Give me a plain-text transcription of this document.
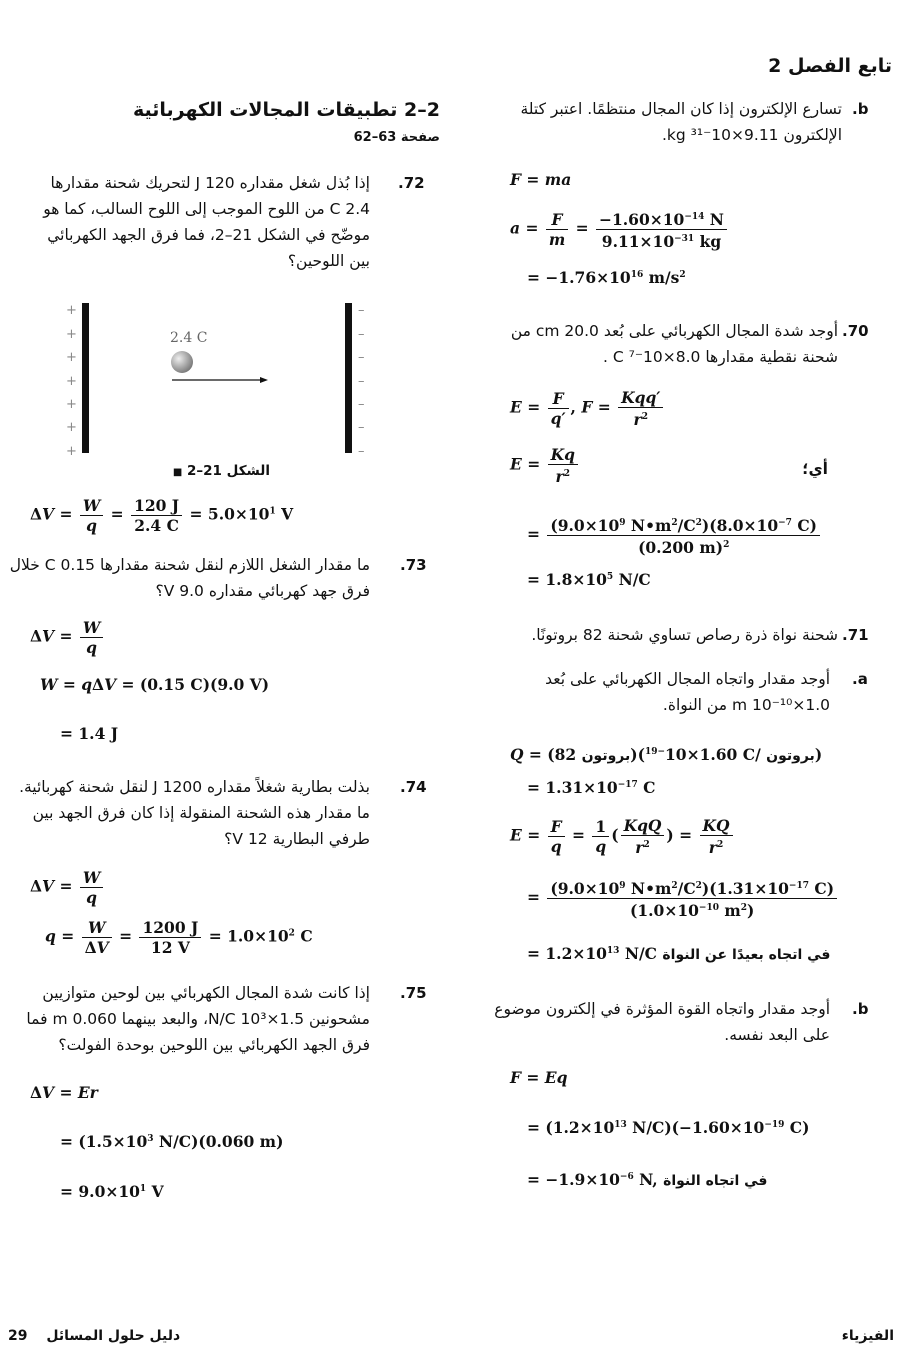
تابع الفصل 2
.b
تسارع الإلكترون إذا كان المجال منتظمًا. اعتبر كتلة
الإلكترون 9.11×10⁻³¹ kg.
F = ma
$a = \frac{F}{m} = \frac{-1.60\times 10^{-14} N}{9.11\times 10^{-31} kg}$
= $-1.76\times 10^{16}$ $m/s^2$
.70
أوجد شدة المجال الكهربائي على بُعد 20.0 cm من
شحنة نقطية مقدارها 8.0×10⁻⁷ C .
$E = \frac{F}{q'}$ , $F = \frac{\text{Kqq′}}{r^2}$
$E = \frac{Kq}{r^2}$	أي؛
= $\frac{(9.0\times 10^9 N•m^2/C^2)(8.0\times 10^{-7} C)}{(0.200 m)^2}$
= $1.8\times 10^5$ N/C
.71
شحنة نواة ذرة رصاص تساوي شحنة 82 بروتونًا.
.a
أوجد مقدار واتجاه المجال الكهربائي على بُعد
1.0×10⁻¹⁰ m من النواة.
Q = (82 $بروتون)(1.60\times 10^{-19}$	C/ بروتون)
= $1.31\times 10^{-17}$ C
$E = \frac{F}{q} = \frac{1}{q}$ ( $\frac{\text{KqQ}}{r^2}$ ) = $\frac{KQ}{r^2}$
= $\frac{(9.0\times 10^9 N•m^2/C^2)(1.31\times 10^{-17} C)}{(1.0\times 10^{-10} m^2)}$
= $1.2\times 10^{13}$ N/C في اتجاه بعيدًا عن النواة
.b
أوجد مقدار واتجاه القوة المؤثرة في إلكترون موضوع
على البعد نفسه.
F = Eq
= ($1.2\times 10^{13}$ $N/C)(-1.60\times 10^{-19}$ C)
= $-1.9\times 10^{-6}$ N, في اتجاه النواة
2–2 تطبيقات المجالات الكهربائية
صفحة 63–62
.72
إذا بُذل شغل مقداره 120 J لتحريك شحنة مقدارها
2.4 C من اللوح الموجب إلى اللوح السالب، كما هو
موضّح في الشكل 21–2، فما فرق الجهد الكهربائي
بين اللوحين؟
+
+
+
+
+
+
+
–
–
–
–
–
–
–
2.4 C
الشكل 21–2 ■
$\Delta V = \frac{W}{q} = \frac{120 J}{2.4 C} = 5.0\times 10^1$ V
.73
ما مقدار الشغل اللازم لنقل شحنة مقدارها 0.15 C خلال
فرق جهد كهربائي مقداره 9.0 V؟
$\Delta V = \frac{W}{q}$
W = qΔV = (0.15 C)(9.0 V)
= 1.4 J
.74
بذلت بطارية شغلاً مقداره 1200 J لنقل شحنة كهربائية.
ما مقدار هذه الشحنة المنقولة إذا كان فرق الجهد بين
طرفي البطارية 12 V؟
$\Delta V = \frac{W}{q}$
$q = \frac{W}{\Delta V} = \frac{1200 J}{12 V} = 1.0\times 10^2$ C
.75
إذا كانت شدة المجال الكهربائي بين لوحين متوازيين
مشحونين 1.5×10³ N/C، والبعد بينهما 0.060 m فما
فرق الجهد الكهربائي بين اللوحين بوحدة الفولت؟
ΔV = Er
= ($1.5\times 10^3$ N/C)(0.060 m)
= $9.0\times 10^1$ V
29 دليل حلول المسائل	الفيزياء
